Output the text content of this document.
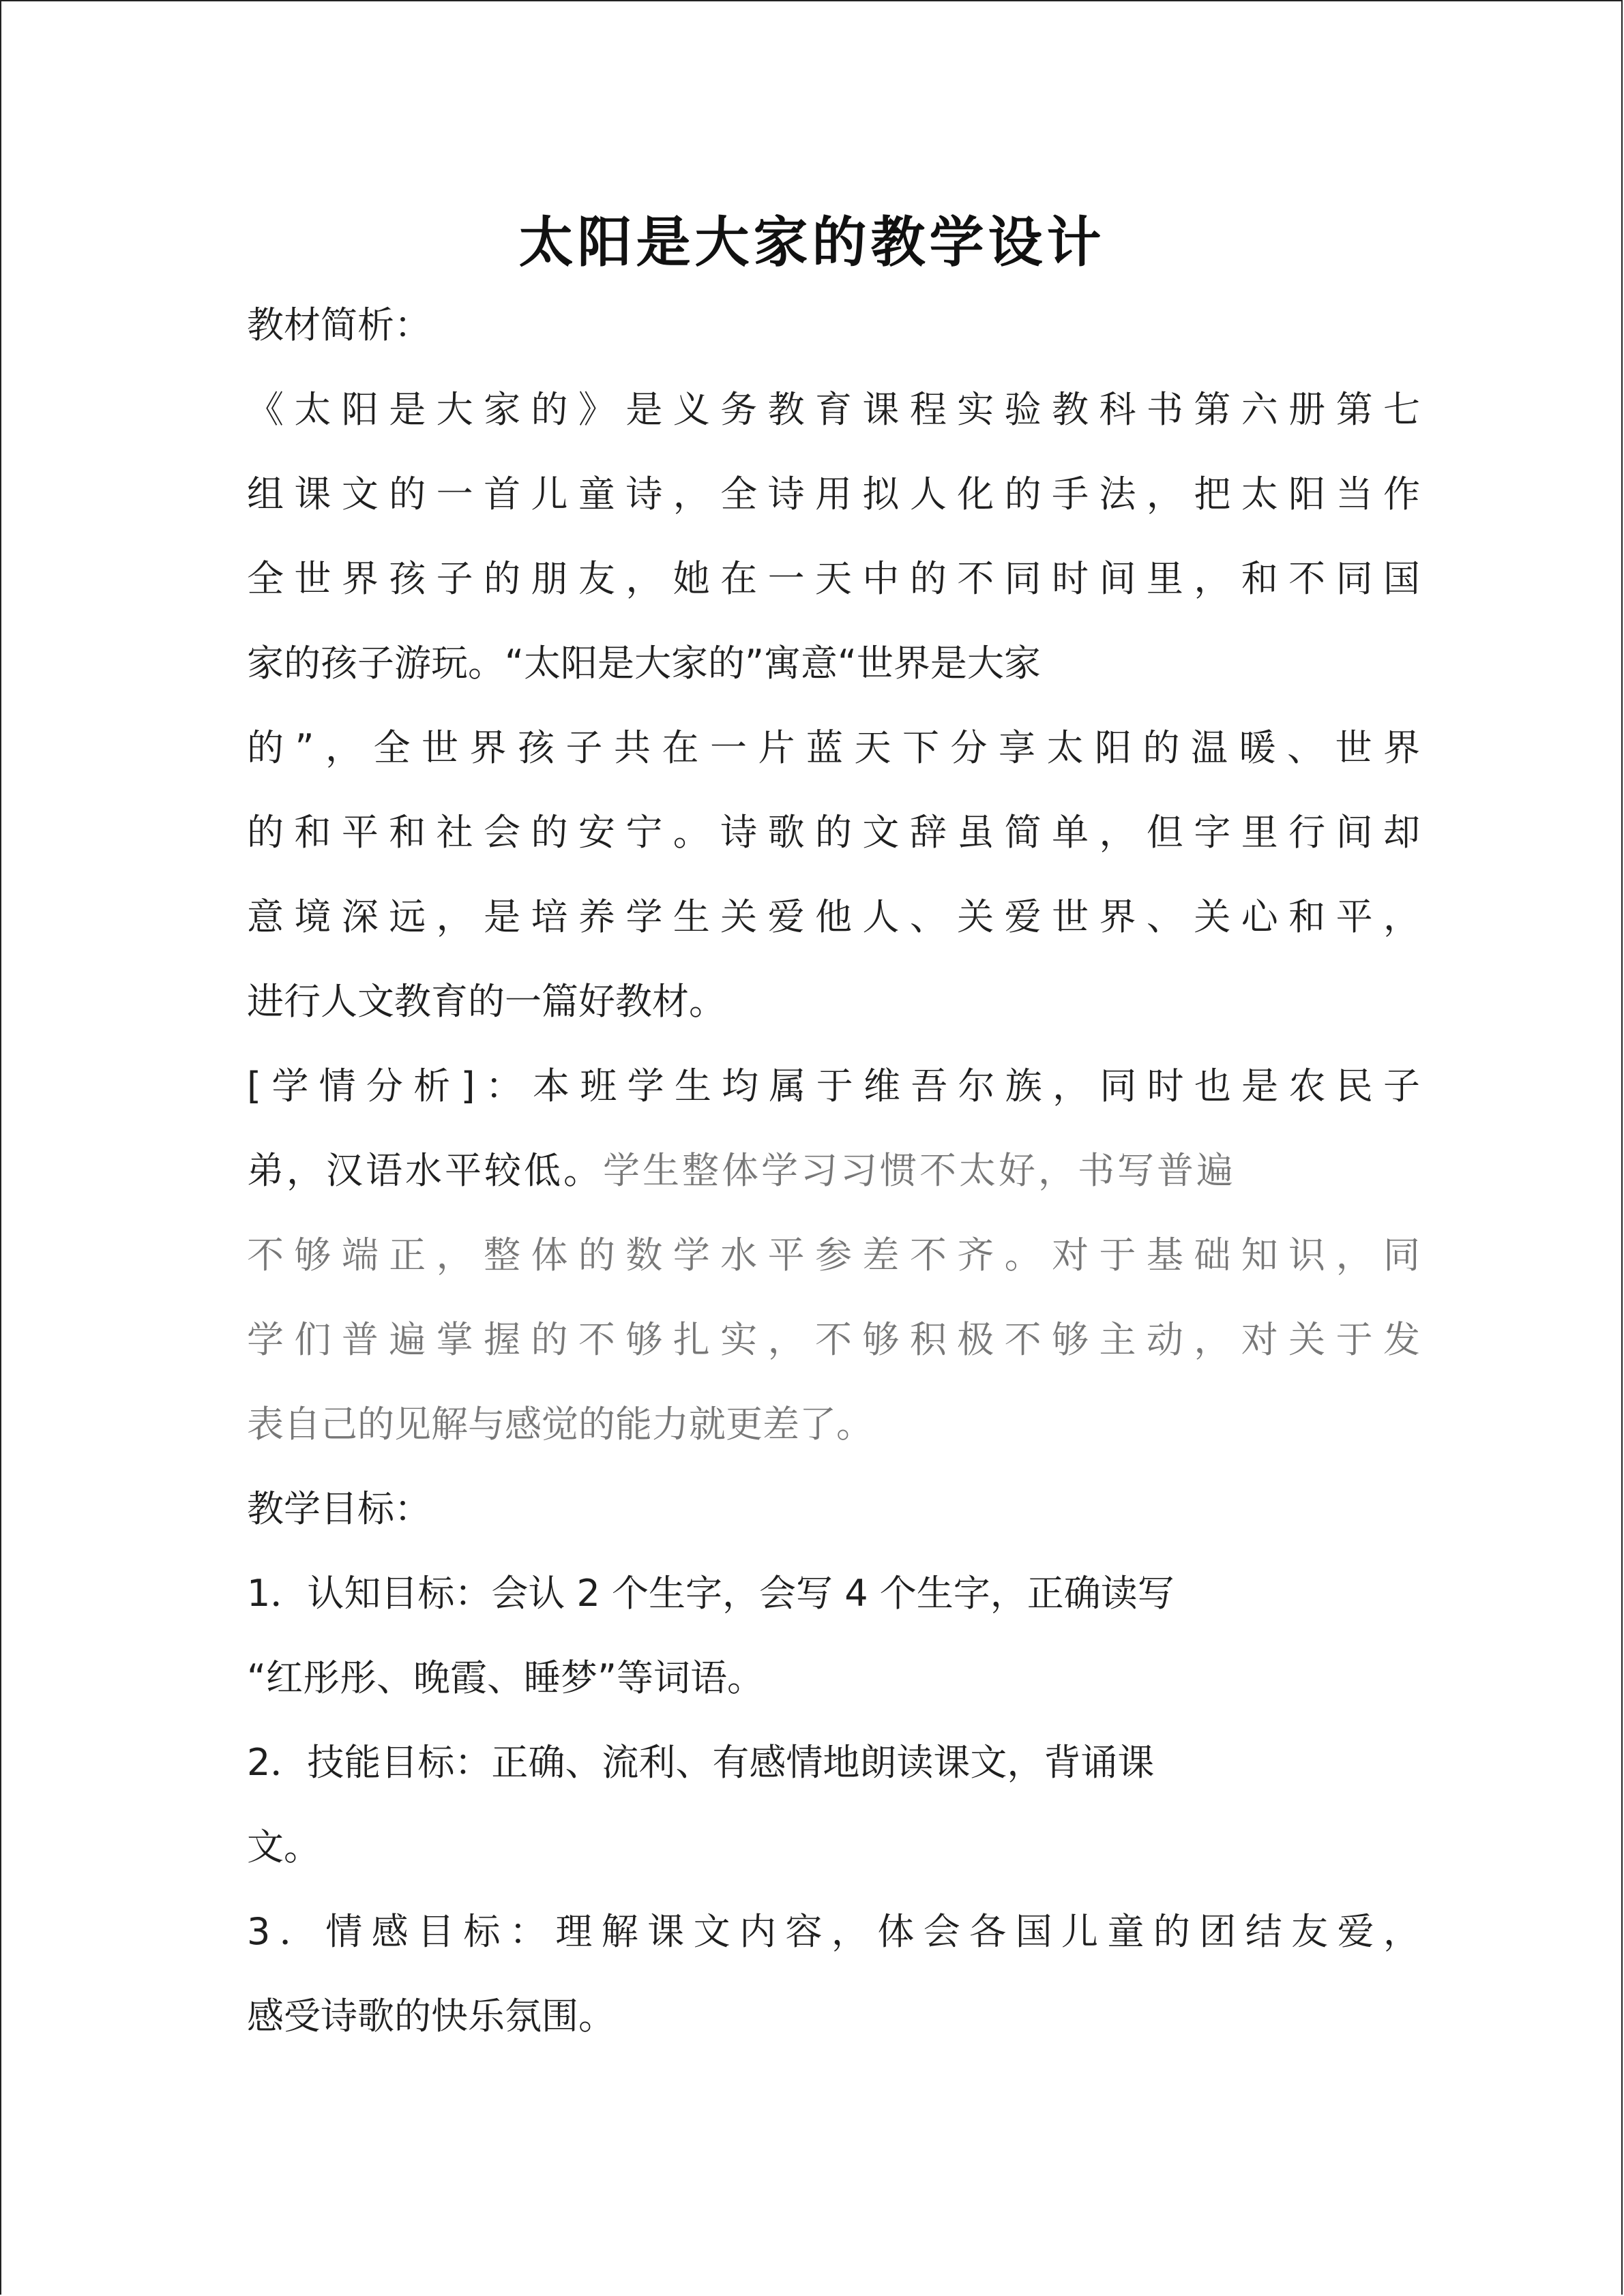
太阳是大家的教学设计
教材简析：
《太阳是大家的》是义务教育课程实验教科书第六册第七
组课文的一首儿童诗，全诗用拟人化的手法，把太阳当作
全世界孩子的朋友，她在一天中的不同时间里，和不同国
家的孩子游玩。“太阳是大家的”寓意“世界是大家
的”，全世界孩子共在一片蓝天下分享太阳的温暖、世界
的和平和社会的安宁。诗歌的文辞虽简单，但字里行间却
意境深远，是培养学生关爱他人、关爱世界、关心和平，
进行人文教育的一篇好教材。
[学情分析]：本班学生均属于维吾尔族，同时也是农民子
弟，汉语水平较低。学生整体学习习惯不太好，书写普遍
不够端正，整体的数学水平参差不齐。对于基础知识，同
学们普遍掌握的不够扎实，不够积极不够主动，对关于发
表自己的见解与感觉的能力就更差了。
教学目标：
1．认知目标：会认 2 个生字，会写 4 个生字，正确读写
“红彤彤、晚霞、睡梦”等词语。
2．技能目标：正确、流利、有感情地朗读课文，背诵课
文。
3．情感目标：理解课文内容，体会各国儿童的团结友爱，
感受诗歌的快乐氛围。
